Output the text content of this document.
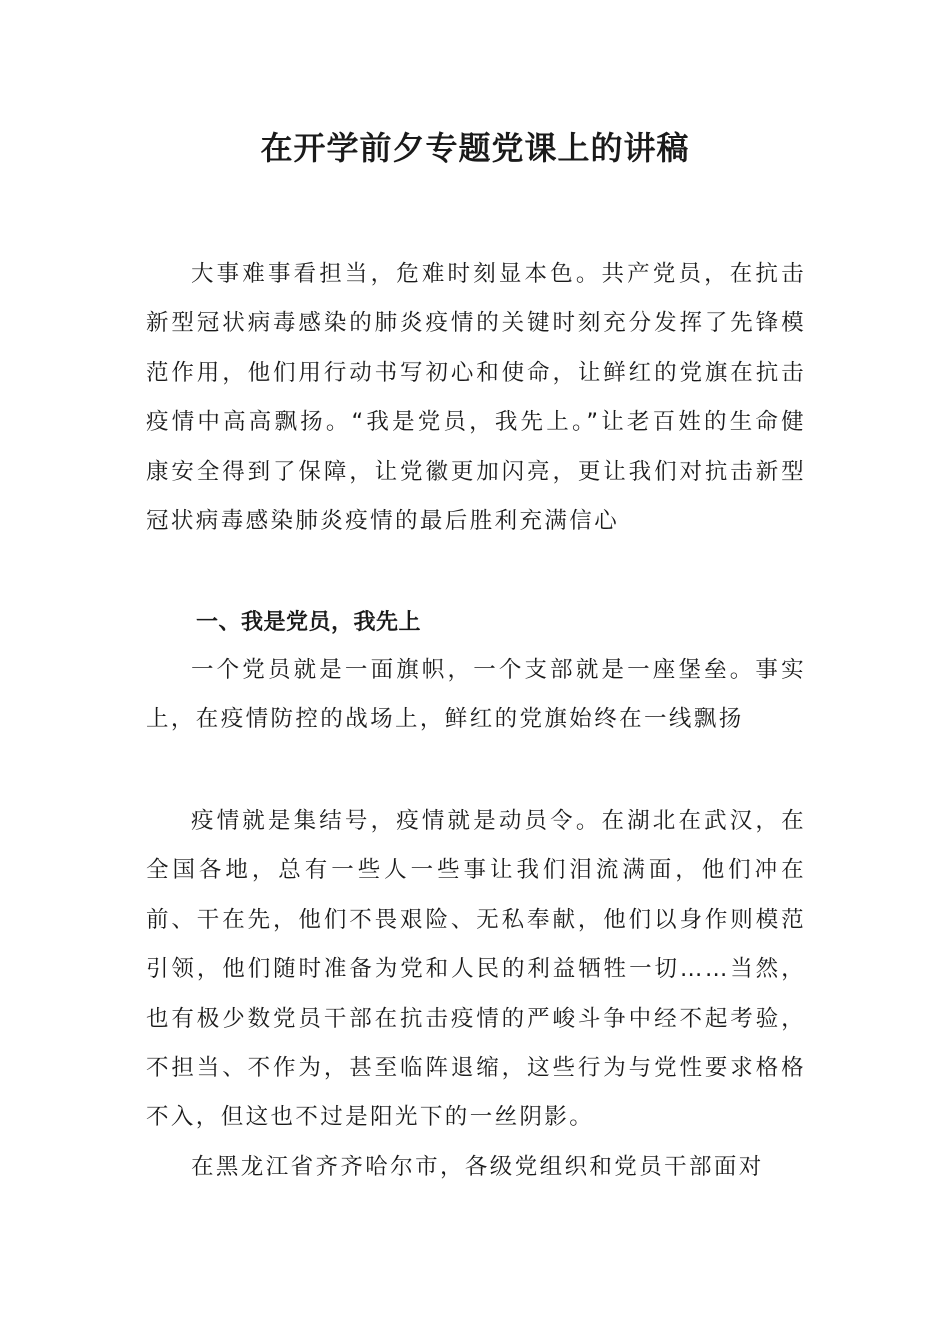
在开学前夕专题党课上的讲稿

大事难事看担当，危难时刻显本色。共产党员，在抗击新型冠状病毒感染的肺炎疫情的关键时刻充分发挥了先锋模范作用，他们用行动书写初心和使命，让鲜红的党旗在抗击疫情中高高飘扬。“我是党员，我先上。”让老百姓的生命健康安全得到了保障，让党徽更加闪亮，更让我们对抗击新型冠状病毒感染肺炎疫情的最后胜利充满信心

一、我是党员，我先上

一个党员就是一面旗帜，一个支部就是一座堡垒。事实上，在疫情防控的战场上，鲜红的党旗始终在一线飘扬

疫情就是集结号，疫情就是动员令。在湖北在武汉，在全国各地，总有一些人一些事让我们泪流满面，他们冲在前、干在先，他们不畏艰险、无私奉献，他们以身作则模范引领，他们随时准备为党和人民的利益牺牲一切……当然，也有极少数党员干部在抗击疫情的严峻斗争中经不起考验，不担当、不作为，甚至临阵退缩，这些行为与党性要求格格不入，但这也不过是阳光下的一丝阴影。

在黑龙江省齐齐哈尔市，各级党组织和党员干部面对
